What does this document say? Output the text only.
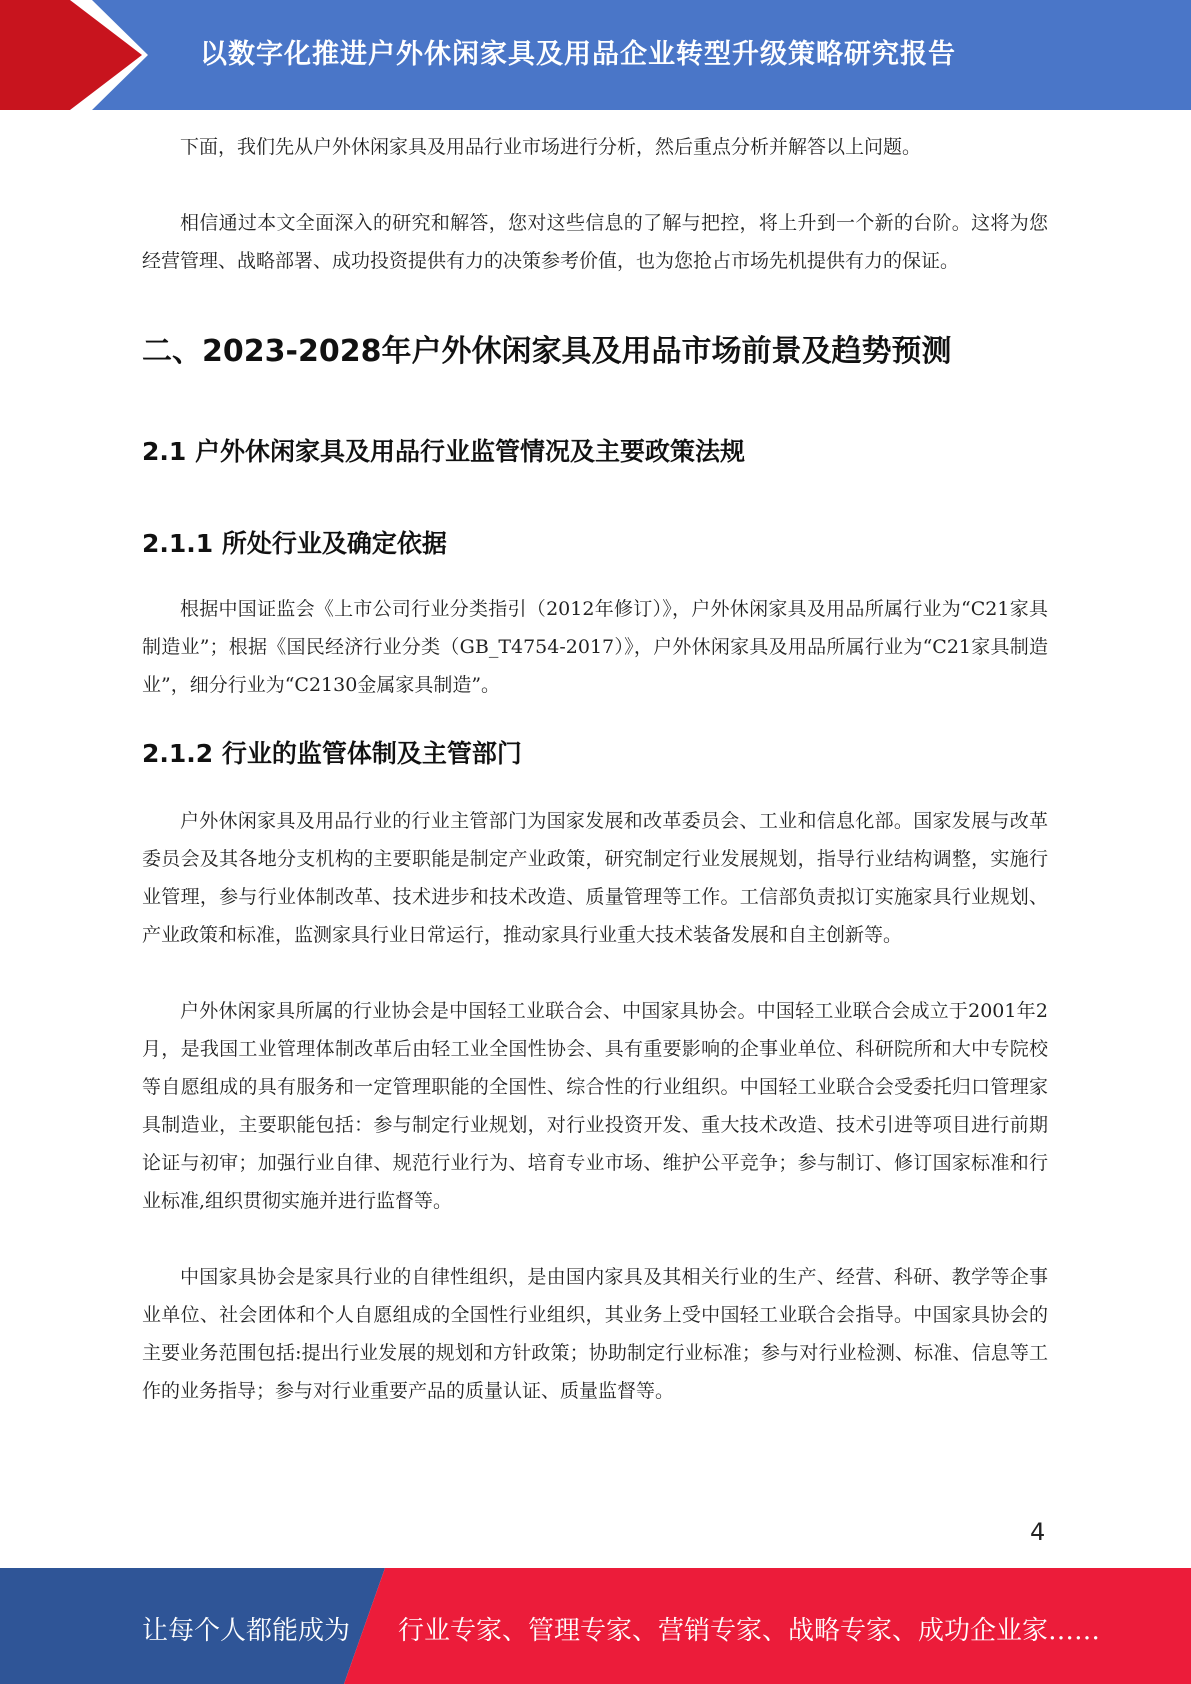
以数字化推进户外休闲家具及用品企业转型升级策略研究报告

下面，我们先从户外休闲家具及用品行业市场进行分析，然后重点分析并解答以上问题。

相信通过本文全面深入的研究和解答，您对这些信息的了解与把控，将上升到一个新的台阶。这将为您经营管理、战略部署、成功投资提供有力的决策参考价值，也为您抢占市场先机提供有力的保证。

二、2023-2028年户外休闲家具及用品市场前景及趋势预测
2.1 户外休闲家具及用品行业监管情况及主要政策法规
2.1.1 所处行业及确定依据

根据中国证监会《上市公司行业分类指引（2012年修订）》，户外休闲家具及用品所属行业为“C21家具制造业”；根据《国民经济行业分类（GB_T4754-2017）》，户外休闲家具及用品所属行业为“C21家具制造业”，细分行业为“C2130金属家具制造”。

2.1.2 行业的监管体制及主管部门

户外休闲家具及用品行业的行业主管部门为国家发展和改革委员会、工业和信息化部。国家发展与改革委员会及其各地分支机构的主要职能是制定产业政策，研究制定行业发展规划，指导行业结构调整，实施行业管理，参与行业体制改革、技术进步和技术改造、质量管理等工作。工信部负责拟订实施家具行业规划、产业政策和标准，监测家具行业日常运行，推动家具行业重大技术装备发展和自主创新等。

户外休闲家具所属的行业协会是中国轻工业联合会、中国家具协会。中国轻工业联合会成立于2001年2月，是我国工业管理体制改革后由轻工业全国性协会、具有重要影响的企事业单位、科研院所和大中专院校等自愿组成的具有服务和一定管理职能的全国性、综合性的行业组织。中国轻工业联合会受委托归口管理家具制造业，主要职能包括：参与制定行业规划，对行业投资开发、重大技术改造、技术引进等项目进行前期论证与初审；加强行业自律、规范行业行为、培育专业市场、维护公平竞争；参与制订、修订国家标准和行业标准,组织贯彻实施并进行监督等。

中国家具协会是家具行业的自律性组织，是由国内家具及其相关行业的生产、经营、科研、教学等企事业单位、社会团体和个人自愿组成的全国性行业组织，其业务上受中国轻工业联合会指导。中国家具协会的主要业务范围包括:提出行业发展的规划和方针政策；协助制定行业标准；参与对行业检测、标准、信息等工作的业务指导；参与对行业重要产品的质量认证、质量监督等。

4
让每个人都能成为 行业专家、管理专家、营销专家、战略专家、成功企业家……
